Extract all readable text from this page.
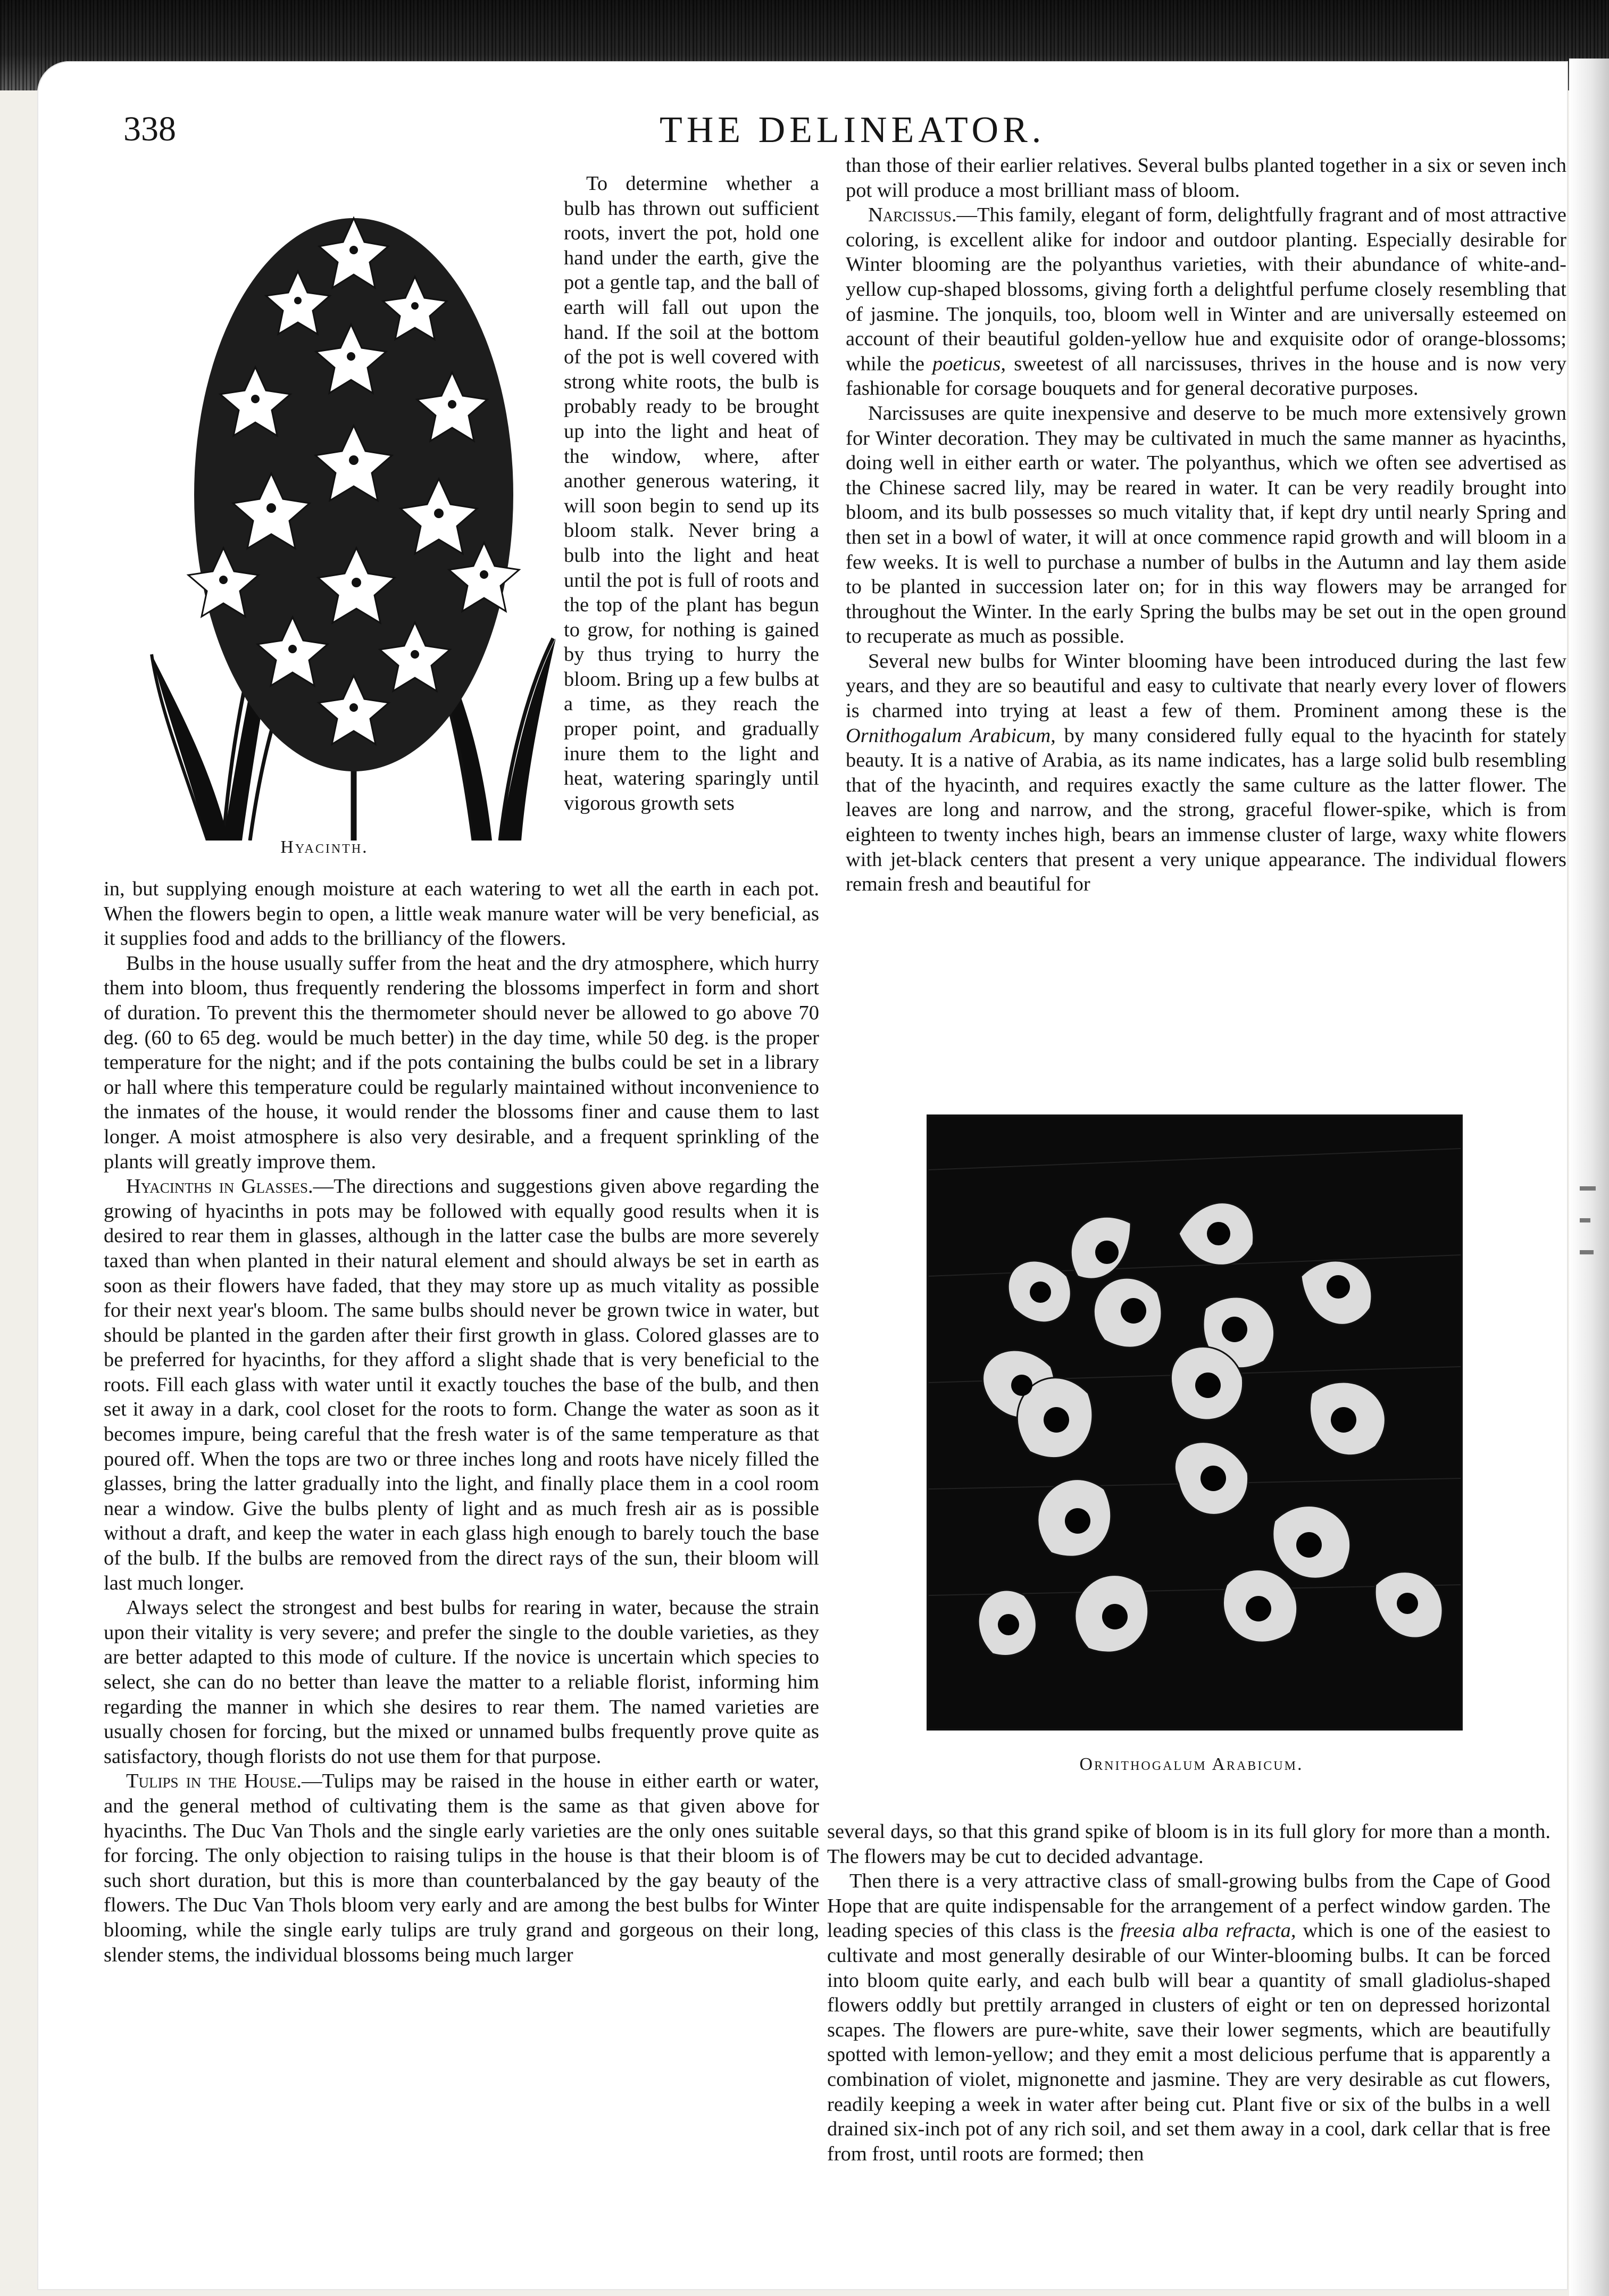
338	THE DELINEATOR.
Hyacinth.

To determine whether a bulb has thrown out sufficient roots, invert the pot, hold one hand under the earth, give the pot a gentle tap, and the ball of earth will fall out upon the hand. If the soil at the bottom of the pot is well covered with strong white roots, the bulb is probably ready to be brought up into the light and heat of the window, where, after another generous watering, it will soon begin to send up its bloom stalk. Never bring a bulb into the light and heat until the pot is full of roots and the top of the plant has begun to grow, for nothing is gained by thus trying to hurry the bloom. Bring up a few bulbs at a time, as they reach the proper point, and gradually inure them to the light and heat, watering sparingly until vigorous growth sets

in, but supplying enough moisture at each watering to wet all the earth in each pot. When the flowers begin to open, a little weak manure water will be very beneficial, as it supplies food and adds to the brilliancy of the flowers.

Bulbs in the house usually suffer from the heat and the dry atmosphere, which hurry them into bloom, thus frequently rendering the blossoms imperfect in form and short of duration. To prevent this the thermometer should never be allowed to go above 70 deg. (60 to 65 deg. would be much better) in the day time, while 50 deg. is the proper temperature for the night; and if the pots containing the bulbs could be set in a library or hall where this temperature could be regularly maintained without inconvenience to the inmates of the house, it would render the blossoms finer and cause them to last longer. A moist atmosphere is also very desirable, and a frequent sprinkling of the plants will greatly improve them.

Hyacinths in Glasses.—The directions and suggestions given above regarding the growing of hyacinths in pots may be followed with equally good results when it is desired to rear them in glasses, although in the latter case the bulbs are more severely taxed than when planted in their natural element and should always be set in earth as soon as their flowers have faded, that they may store up as much vitality as possible for their next year's bloom. The same bulbs should never be grown twice in water, but should be planted in the garden after their first growth in glass. Colored glasses are to be preferred for hyacinths, for they afford a slight shade that is very beneficial to the roots. Fill each glass with water until it exactly touches the base of the bulb, and then set it away in a dark, cool closet for the roots to form. Change the water as soon as it becomes impure, being careful that the fresh water is of the same temperature as that poured off. When the tops are two or three inches long and roots have nicely filled the glasses, bring the latter gradually into the light, and finally place them in a cool room near a window. Give the bulbs plenty of light and as much fresh air as is possible without a draft, and keep the water in each glass high enough to barely touch the base of the bulb. If the bulbs are removed from the direct rays of the sun, their bloom will last much longer.

Always select the strongest and best bulbs for rearing in water, because the strain upon their vitality is very severe; and prefer the single to the double varieties, as they are better adapted to this mode of culture. If the novice is uncertain which species to select, she can do no better than leave the matter to a reliable florist, informing him regarding the manner in which she desires to rear them. The named varieties are usually chosen for forcing, but the mixed or unnamed bulbs frequently prove quite as satisfactory, though florists do not use them for that purpose.

Tulips in the House.—Tulips may be raised in the house in either earth or water, and the general method of cultivating them is the same as that given above for hyacinths. The Duc Van Thols and the single early varieties are the only ones suitable for forcing. The only objection to raising tulips in the house is that their bloom is of such short duration, but this is more than counterbalanced by the gay beauty of the flowers. The Duc Van Thols bloom very early and are among the best bulbs for Winter blooming, while the single early tulips are truly grand and gorgeous on their long, slender stems, the individual blossoms being much larger

than those of their earlier relatives. Several bulbs planted together in a six or seven inch pot will produce a most brilliant mass of bloom.

Narcissus.—This family, elegant of form, delightfully fragrant and of most attractive coloring, is excellent alike for indoor and outdoor planting. Especially desirable for Winter blooming are the polyanthus varieties, with their abundance of white-and-yellow cup-shaped blossoms, giving forth a delightful perfume closely resembling that of jasmine. The jonquils, too, bloom well in Winter and are universally esteemed on account of their beautiful golden-yellow hue and exquisite odor of orange-blossoms; while the poeticus, sweetest of all narcissuses, thrives in the house and is now very fashionable for corsage bouquets and for general decorative purposes.

Narcissuses are quite inexpensive and deserve to be much more extensively grown for Winter decoration. They may be cultivated in much the same manner as hyacinths, doing well in either earth or water. The polyanthus, which we often see advertised as the Chinese sacred lily, may be reared in water. It can be very readily brought into bloom, and its bulb possesses so much vitality that, if kept dry until nearly Spring and then set in a bowl of water, it will at once commence rapid growth and will bloom in a few weeks. It is well to purchase a number of bulbs in the Autumn and lay them aside to be planted in succession later on; for in this way flowers may be arranged for throughout the Winter. In the early Spring the bulbs may be set out in the open ground to recuperate as much as possible.

Several new bulbs for Winter blooming have been introduced during the last few years, and they are so beautiful and easy to cultivate that nearly every lover of flowers is charmed into trying at least a few of them. Prominent among these is the Ornithogalum Arabicum, by many considered fully equal to the hyacinth for stately beauty. It is a native of Arabia, as its name indicates, has a large solid bulb resembling that of the hyacinth, and requires exactly the same culture as the latter flower. The leaves are long and narrow, and the strong, graceful flower-spike, which is from eighteen to twenty inches high, bears an immense cluster of large, waxy white flowers with jet-black centers that present a very unique appearance. The individual flowers remain fresh and beautiful for

Ornithogalum Arabicum.

several days, so that this grand spike of bloom is in its full glory for more than a month. The flowers may be cut to decided advantage.

Then there is a very attractive class of small-growing bulbs from the Cape of Good Hope that are quite indispensable for the arrangement of a perfect window garden. The leading species of this class is the freesia alba refracta, which is one of the easiest to cultivate and most generally desirable of our Winter-blooming bulbs. It can be forced into bloom quite early, and each bulb will bear a quantity of small gladiolus-shaped flowers oddly but prettily arranged in clusters of eight or ten on depressed horizontal scapes. The flowers are pure-white, save their lower segments, which are beautifully spotted with lemon-yellow; and they emit a most delicious perfume that is apparently a combination of violet, mignonette and jasmine. They are very desirable as cut flowers, readily keeping a week in water after being cut. Plant five or six of the bulbs in a well drained six-inch pot of any rich soil, and set them away in a cool, dark cellar that is free from frost, until roots are formed; then
